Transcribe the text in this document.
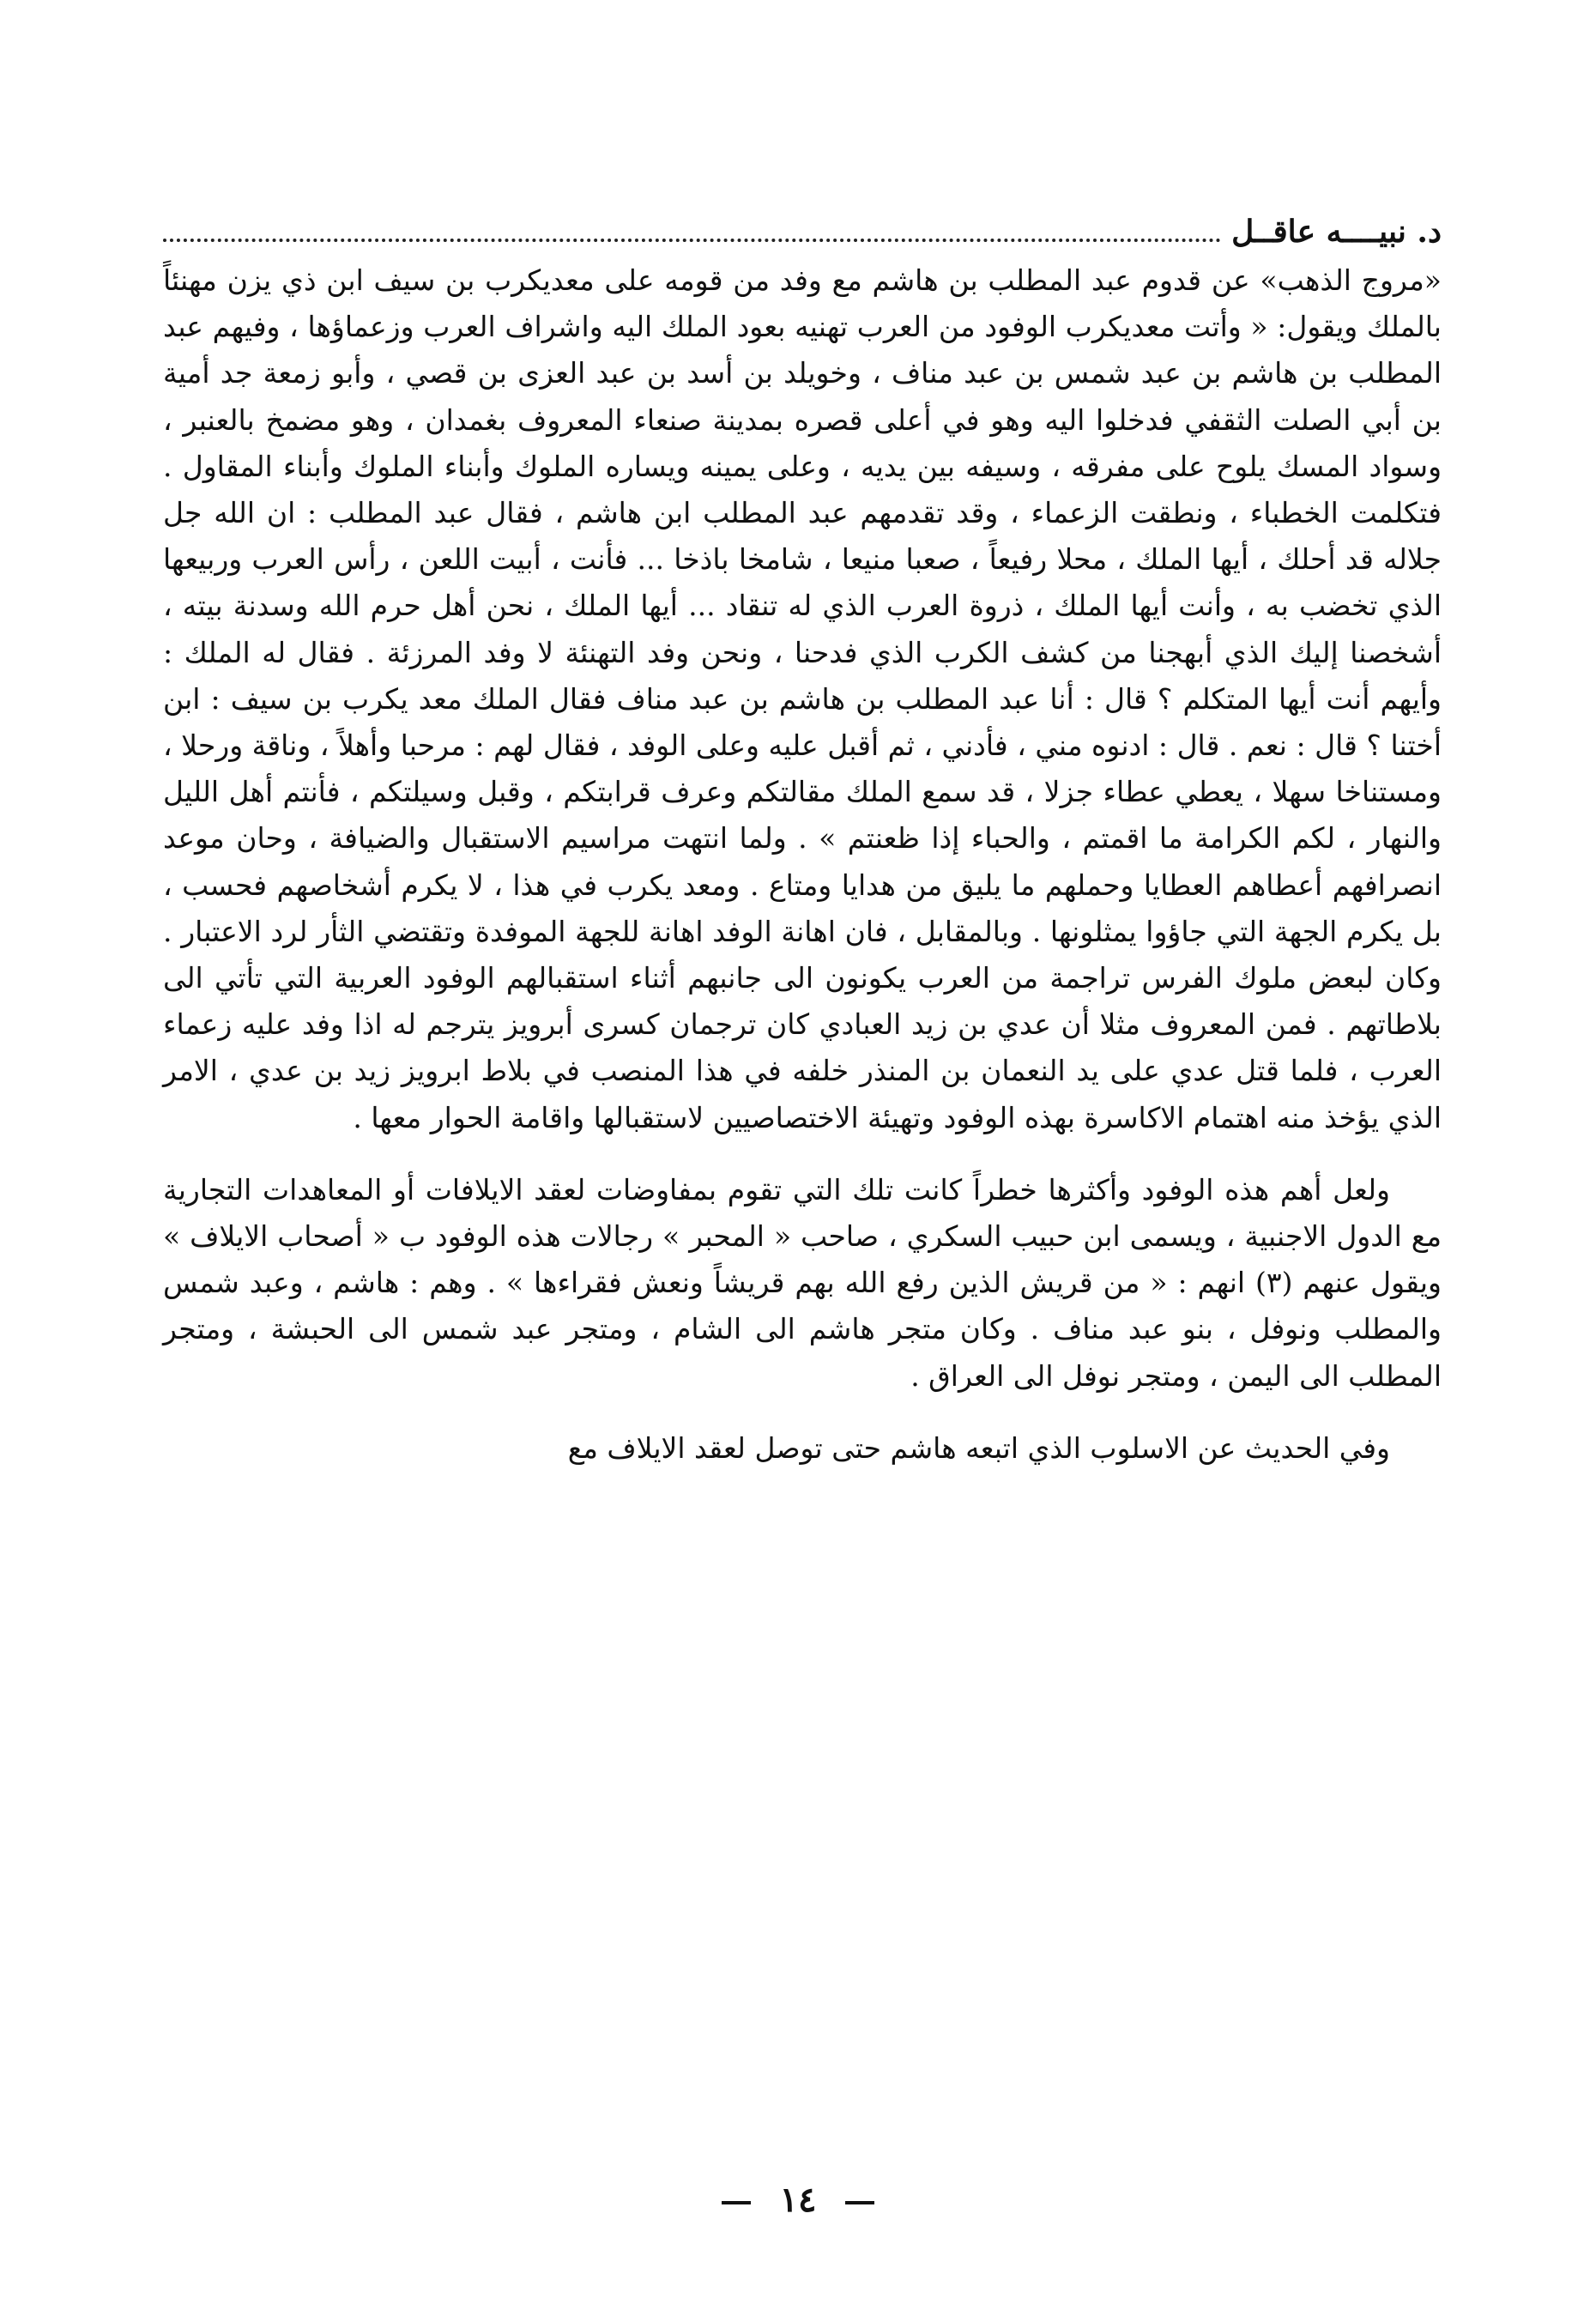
د. نبيــــه عاقــل

«مروج الذهب» عن قدوم عبد المطلب بن هاشم مع وفد من قومه على معديكرب بن سيف ابن ذي يزن مهنئاً بالملك ويقول: « وأتت معديكرب الوفود من العرب تهنيه بعود الملك اليه واشراف العرب وزعماؤها ، وفيهم عبد المطلب بن هاشم بن عبد شمس بن عبد مناف ، وخويلد بن أسد بن عبد العزى بن قصي ، وأبو زمعة جد أمية بن أبي الصلت الثقفي فدخلوا اليه وهو في أعلى قصره بمدينة صنعاء المعروف بغمدان ، وهو مضمخ بالعنبر ، وسواد المسك يلوح على مفرقه ، وسيفه بين يديه ، وعلى يمينه ويساره الملوك وأبناء الملوك وأبناء المقاول . فتكلمت الخطباء ، ونطقت الزعماء ، وقد تقدمهم عبد المطلب ابن هاشم ، فقال عبد المطلب : ان الله جل جلاله قد أحلك ، أيها الملك ، محلا رفيعاً ، صعبا منيعا ، شامخا باذخا ... فأنت ، أبيت اللعن ، رأس العرب وربيعها الذي تخضب به ، وأنت أيها الملك ، ذروة العرب الذي له تنقاد ... أيها الملك ، نحن أهل حرم الله وسدنة بيته ، أشخصنا إليك الذي أبهجنا من كشف الكرب الذي فدحنا ، ونحن وفد التهنئة لا وفد المرزئة . فقال له الملك : وأيهم أنت أيها المتكلم ؟ قال : أنا عبد المطلب بن هاشم بن عبد مناف فقال الملك معد يكرب بن سيف : ابن أختنا ؟ قال : نعم . قال : ادنوه مني ، فأدني ، ثم أقبل عليه وعلى الوفد ، فقال لهم : مرحبا وأهلاً ، وناقة ورحلا ، ومستناخا سهلا ، يعطي عطاء جزلا ، قد سمع الملك مقالتكم وعرف قرابتكم ، وقبل وسيلتكم ، فأنتم أهل الليل والنهار ، لكم الكرامة ما اقمتم ، والحباء إذا ظعنتم » . ولما انتهت مراسيم الاستقبال والضيافة ، وحان موعد انصرافهم أعطاهم العطايا وحملهم ما يليق من هدايا ومتاع . ومعد يكرب في هذا ، لا يكرم أشخاصهم فحسب ، بل يكرم الجهة التي جاؤوا يمثلونها . وبالمقابل ، فان اهانة الوفد اهانة للجهة الموفدة وتقتضي الثأر لرد الاعتبار . وكان لبعض ملوك الفرس تراجمة من العرب يكونون الى جانبهم أثناء استقبالهم الوفود العربية التي تأتي الى بلاطاتهم . فمن المعروف مثلا أن عدي بن زيد العبادي كان ترجمان كسرى أبرويز يترجم له اذا وفد عليه زعماء العرب ، فلما قتل عدي على يد النعمان بن المنذر خلفه في هذا المنصب في بلاط ابرويز زيد بن عدي ، الامر الذي يؤخذ منه اهتمام الاكاسرة بهذه الوفود وتهيئة الاختصاصيين لاستقبالها واقامة الحوار معها .

ولعل أهم هذه الوفود وأكثرها خطراً كانت تلك التي تقوم بمفاوضات لعقد الايلافات أو المعاهدات التجارية مع الدول الاجنبية ، ويسمى ابن حبيب السكري ، صاحب « المحبر » رجالات هذه الوفود ب « أصحاب الايلاف » ويقول عنهم (٣) انهم : « من قريش الذين رفع الله بهم قريشاً ونعش فقراءها » . وهم : هاشم ، وعبد شمس والمطلب ونوفل ، بنو عبد مناف . وكان متجر هاشم الى الشام ، ومتجر عبد شمس الى الحبشة ، ومتجر المطلب الى اليمن ، ومتجر نوفل الى العراق .

وفي الحديث عن الاسلوب الذي اتبعه هاشم حتى توصل لعقد الايلاف مع

١٤
